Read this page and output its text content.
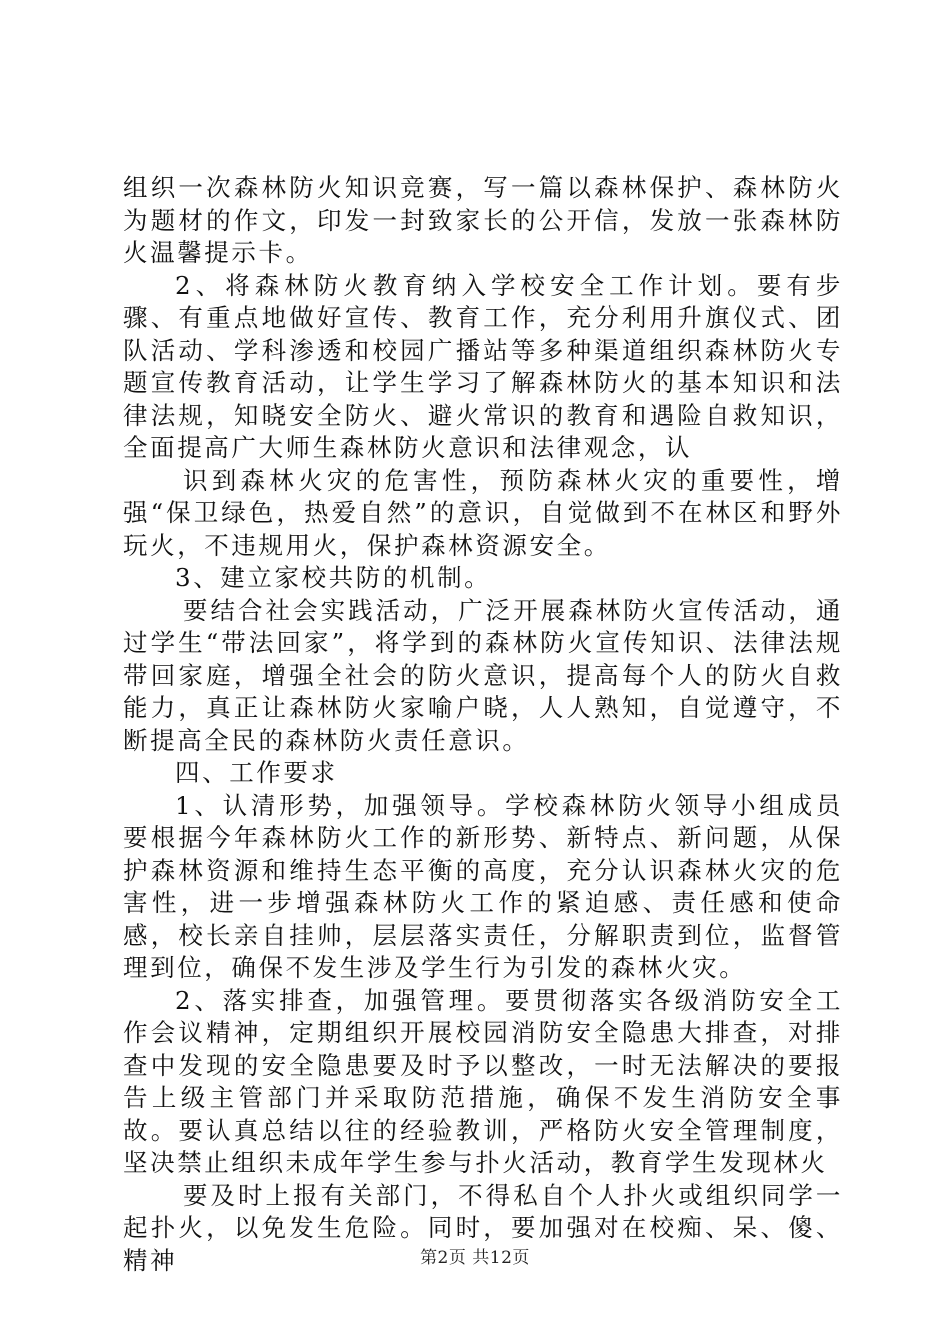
组织一次森林防火知识竞赛，写一篇以森林保护、森林防火为题材的作文，印发一封致家长的公开信，发放一张森林防火温馨提示卡。

2、将森林防火教育纳入学校安全工作计划。要有步骤、有重点地做好宣传、教育工作，充分利用升旗仪式、团队活动、学科渗透和校园广播站等多种渠道组织森林防火专题宣传教育活动，让学生学习了解森林防火的基本知识和法律法规，知晓安全防火、避火常识的教育和遇险自救知识，全面提高广大师生森林防火意识和法律观念，认

识到森林火灾的危害性，预防森林火灾的重要性，增强“保卫绿色，热爱自然”的意识，自觉做到不在林区和野外玩火，不违规用火，保护森林资源安全。

3、建立家校共防的机制。

要结合社会实践活动，广泛开展森林防火宣传活动，通过学生“带法回家”，将学到的森林防火宣传知识、法律法规带回家庭，增强全社会的防火意识，提高每个人的防火自救能力，真正让森林防火家喻户晓，人人熟知，自觉遵守，不断提高全民的森林防火责任意识。

四、工作要求

1、认清形势，加强领导。学校森林防火领导小组成员要根据今年森林防火工作的新形势、新特点、新问题，从保护森林资源和维持生态平衡的高度，充分认识森林火灾的危害性，进一步增强森林防火工作的紧迫感、责任感和使命感，校长亲自挂帅，层层落实责任，分解职责到位，监督管理到位，确保不发生涉及学生行为引发的森林火灾。

2、落实排查，加强管理。要贯彻落实各级消防安全工作会议精神，定期组织开展校园消防安全隐患大排查，对排查中发现的安全隐患要及时予以整改，一时无法解决的要报告上级主管部门并采取防范措施，确保不发生消防安全事故。要认真总结以往的经验教训，严格防火安全管理制度，坚决禁止组织未成年学生参与扑火活动，教育学生发现林火

要及时上报有关部门，不得私自个人扑火或组织同学一起扑火，以免发生危险。同时，要加强对在校痴、呆、傻、精神	第2页 共12页
